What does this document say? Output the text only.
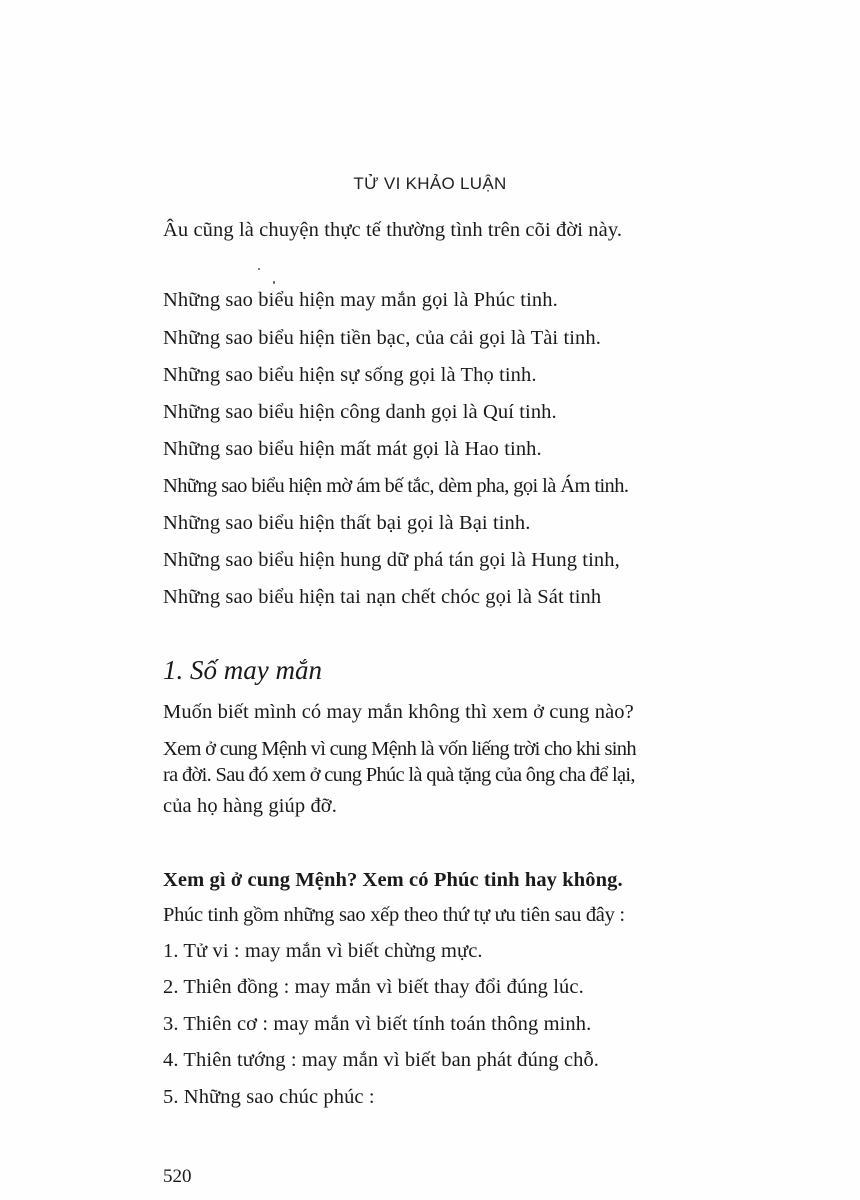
TỬ VI KHẢO LUẬN
Âu cũng là chuyện thực tế thường tình trên cõi đời này.
Những sao biểu hiện may mắn gọi là Phúc tinh.
Những sao biểu hiện tiền bạc, của cải gọi là Tài tinh.
Những sao biểu hiện sự sống gọi là Thọ tinh.
Những sao biểu hiện công danh gọi là Quí tinh.
Những sao biểu hiện mất mát gọi là Hao tinh.
Những sao biểu hiện mờ ám bế tắc, dèm pha, gọi là Ám tinh.
Những sao biểu hiện thất bại gọi là Bại tinh.
Những sao biểu hiện hung dữ phá tán gọi là Hung tinh,
Những sao biểu hiện tai nạn chết chóc gọi là Sát tinh
1. Số may mắn
Muốn biết mình có may mắn không thì xem ở cung nào?
Xem ở cung Mệnh vì cung Mệnh là vốn liếng trời cho khi sinh
ra đời. Sau đó xem ở cung Phúc là quà tặng của ông cha để lại,
của họ hàng giúp đỡ.
Xem gì ở cung Mệnh? Xem có Phúc tinh hay không.
Phúc tinh gồm những sao xếp theo thứ tự ưu tiên sau đây :
1. Tử vi : may mắn vì biết chừng mực.
2. Thiên đồng : may mắn vì biết thay đổi đúng lúc.
3. Thiên cơ : may mắn vì biết tính toán thông minh.
4. Thiên tướng : may mắn vì biết ban phát đúng chỗ.
5. Những sao chúc phúc :
520
